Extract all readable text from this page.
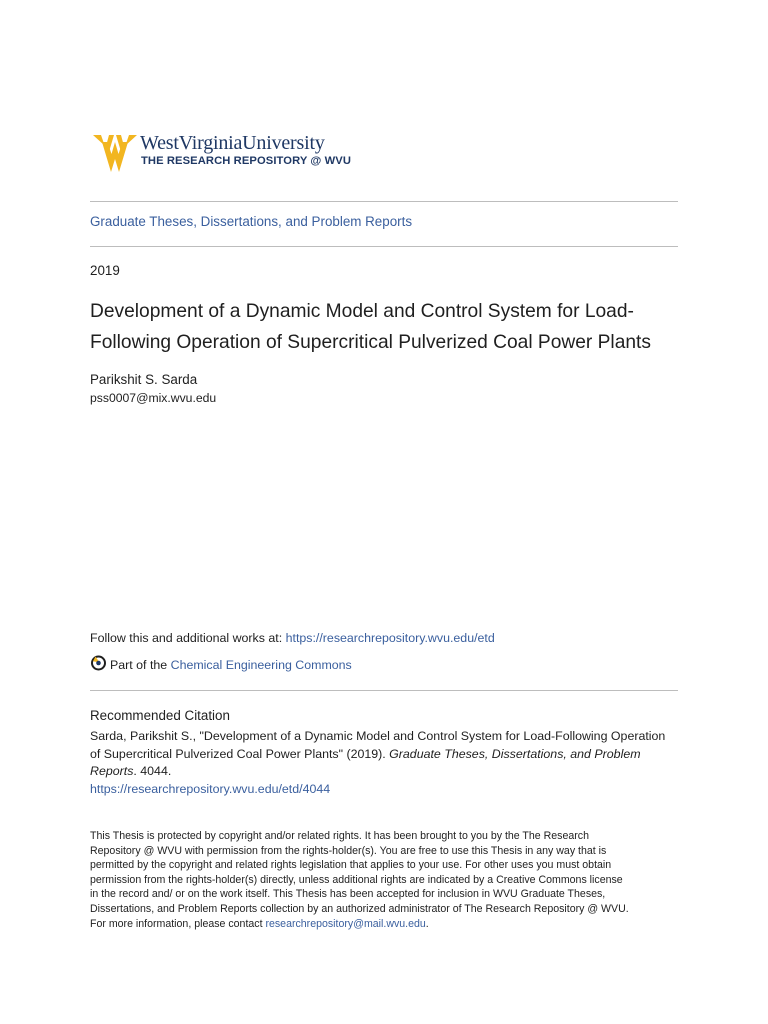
WestVirginiaUniversity
THE RESEARCH REPOSITORY @ WVU
Graduate Theses, Dissertations, and Problem Reports
2019
Development of a Dynamic Model and Control System for Load-
Following Operation of Supercritical Pulverized Coal Power Plants
Parikshit S. Sarda
pss0007@mix.wvu.edu
Follow this and additional works at: https://researchrepository.wvu.edu/etd
Part of the Chemical Engineering Commons
Recommended Citation
Sarda, Parikshit S., "Development of a Dynamic Model and Control System for Load-Following Operation
of Supercritical Pulverized Coal Power Plants" (2019). Graduate Theses, Dissertations, and Problem
Reports. 4044.
https://researchrepository.wvu.edu/etd/4044
This Thesis is protected by copyright and/or related rights. It has been brought to you by the The Research
Repository @ WVU with permission from the rights-holder(s). You are free to use this Thesis in any way that is
permitted by the copyright and related rights legislation that applies to your use. For other uses you must obtain
permission from the rights-holder(s) directly, unless additional rights are indicated by a Creative Commons license
in the record and/ or on the work itself. This Thesis has been accepted for inclusion in WVU Graduate Theses,
Dissertations, and Problem Reports collection by an authorized administrator of The Research Repository @ WVU.
For more information, please contact researchrepository@mail.wvu.edu.
